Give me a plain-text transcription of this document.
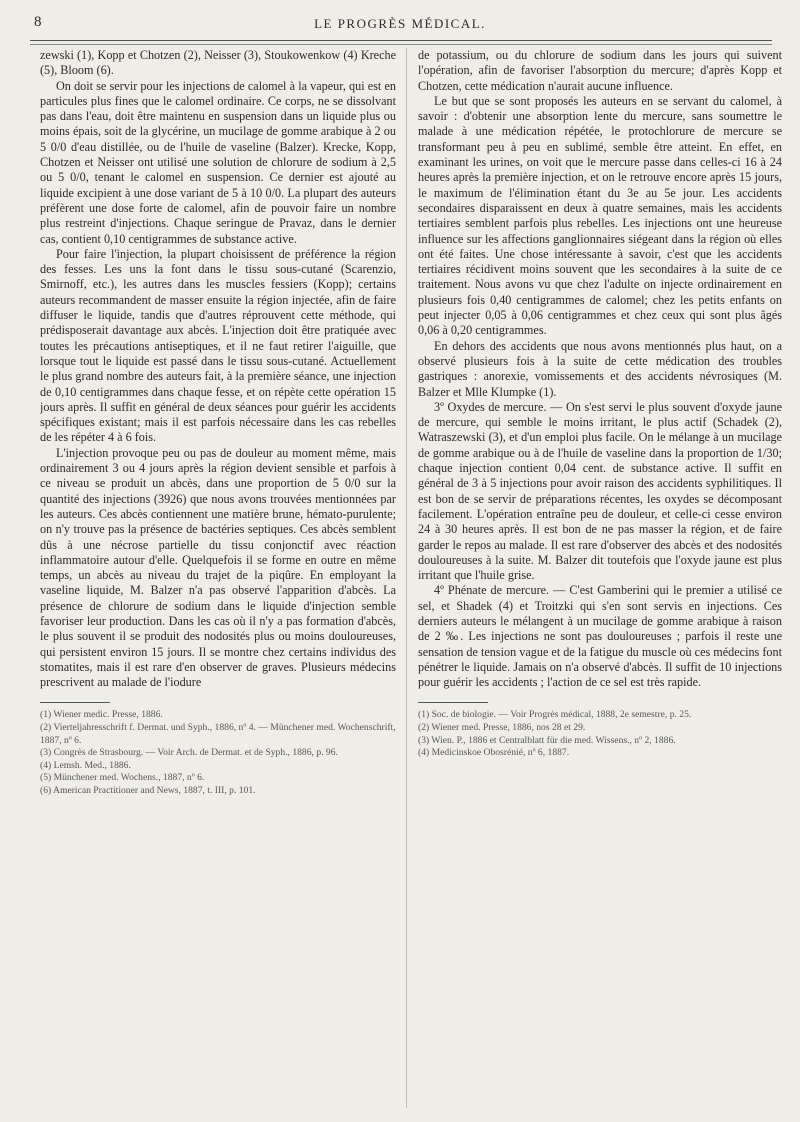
8	LE PROGRÈS MÉDICAL.

zewski (1), Kopp et Chotzen (2), Neisser (3), Stoukowenkow (4) Kreche (5), Bloom (6).

On doit se servir pour les injections de calomel à la vapeur, qui est en particules plus fines que le calomel ordinaire. Ce corps, ne se dissolvant pas dans l'eau, doit être maintenu en suspension dans un liquide plus ou moins épais, soit de la glycérine, un mucilage de gomme arabique à 2 ou 5 0/0 d'eau distillée, ou de l'huile de vaseline (Balzer). Krecke, Kopp, Chotzen et Neisser ont utilisé une solution de chlorure de sodium à 2,5 ou 5 0/0, tenant le calomel en suspension. Ce dernier est ajouté au liquide excipient à une dose variant de 5 à 10 0/0. La plupart des auteurs préfèrent une dose forte de calomel, afin de pouvoir faire un nombre plus restreint d'injections. Chaque seringue de Pravaz, dans le dernier cas, contient 0,10 centigrammes de substance active.

Pour faire l'injection, la plupart choisissent de préférence la région des fesses. Les uns la font dans le tissu sous-cutané (Scarenzio, Smirnoff, etc.), les autres dans les muscles fessiers (Kopp); certains auteurs recommandent de masser ensuite la région injectée, afin de faire diffuser le liquide, tandis que d'autres réprouvent cette méthode, qui prédisposerait davantage aux abcès. L'injection doit être pratiquée avec toutes les précautions antiseptiques, et il ne faut retirer l'aiguille, que lorsque tout le liquide est passé dans le tissu sous-cutané. Actuellement le plus grand nombre des auteurs fait, à la première séance, une injection de 0,10 centigrammes dans chaque fesse, et on répète cette opération 15 jours après. Il suffit en général de deux séances pour guérir les accidents spécifiques existant; mais il est parfois nécessaire dans les cas rebelles de les répéter 4 à 6 fois.

L'injection provoque peu ou pas de douleur au moment même, mais ordinairement 3 ou 4 jours après la région devient sensible et parfois à ce niveau se produit un abcès, dans une proportion de 5 0/0 sur la quantité des injections (3926) que nous avons trouvées mentionnées par les auteurs. Ces abcès contiennent une matière brune, hémato-purulente; on n'y trouve pas la présence de bactéries septiques. Ces abcès semblent dûs à une nécrose partielle du tissu conjonctif avec réaction inflammatoire autour d'elle. Quelquefois il se forme en outre en même temps, un abcès au niveau du trajet de la piqûre. En employant la vaseline liquide, M. Balzer n'a pas observé l'apparition d'abcès. La présence de chlorure de sodium dans le liquide d'injection semble favoriser leur production. Dans les cas où il n'y a pas formation d'abcès, le plus souvent il se produit des nodosités plus ou moins douloureuses, qui persistent environ 15 jours. Il se montre chez certains individus des stomatites, mais il est rare d'en observer de graves. Plusieurs médecins prescrivent au malade de l'iodure

(1) Wiener medic. Presse, 1886.

(2) Vierteljahresschrift f. Dermat. und Syph., 1886, nº 4. — Münchener med. Wochenschrift, 1887, nº 6.

(3) Congrès de Strasbourg. — Voir Arch. de Dermat. et de Syph., 1886, p. 96.

(4) Lemsh. Med., 1886.

(5) Münchener med. Wochens., 1887, nº 6.

(6) American Practitioner and News, 1887, t. III, p. 101.

de potassium, ou du chlorure de sodium dans les jours qui suivent l'opération, afin de favoriser l'absorption du mercure; d'après Kopp et Chotzen, cette médication n'aurait aucune influence.

Le but que se sont proposés les auteurs en se servant du calomel, à savoir : d'obtenir une absorption lente du mercure, sans soumettre le malade à une médication répétée, le protochlorure de mercure se transformant peu à peu en sublimé, semble être atteint. En effet, en examinant les urines, on voit que le mercure passe dans celles-ci 16 à 24 heures après la première injection, et on le retrouve encore après 15 jours, le maximum de l'élimination étant du 3e au 5e jour. Les accidents secondaires disparaissent en deux à quatre semaines, mais les accidents tertiaires semblent parfois plus rebelles. Les injections ont une heureuse influence sur les affections ganglionnaires siégeant dans la région où elles ont été faites. Une chose intéressante à savoir, c'est que les accidents tertiaires récidivent moins souvent que les secondaires à la suite de ce traitement. Nous avons vu que chez l'adulte on injecte ordinairement en plusieurs fois 0,40 centigrammes de calomel; chez les petits enfants on peut injecter 0,05 à 0,06 centigrammes et chez ceux qui sont plus âgés 0,06 à 0,20 centigrammes.

En dehors des accidents que nous avons mentionnés plus haut, on a observé plusieurs fois à la suite de cette médication des troubles gastriques : anorexie, vomissements et des accidents névrosiques (M. Balzer et Mlle Klumpke (1).

3º Oxydes de mercure. — On s'est servi le plus souvent d'oxyde jaune de mercure, qui semble le moins irritant, le plus actif (Schadek (2), Watraszewski (3), et d'un emploi plus facile. On le mélange à un mucilage de gomme arabique ou à de l'huile de vaseline dans la proportion de 1/30; chaque injection contient 0,04 cent. de substance active. Il suffit en général de 3 à 5 injections pour avoir raison des accidents syphilitiques. Il est bon de se servir de préparations récentes, les oxydes se décomposant facilement. L'opération entraîne peu de douleur, et celle-ci cesse environ 24 à 30 heures après. Il est bon de ne pas masser la région, et de faire garder le repos au malade. Il est rare d'observer des abcès et des nodosités douloureuses à la suite. M. Balzer dit toutefois que l'oxyde jaune est plus irritant que l'huile grise.

4º Phénate de mercure. — C'est Gamberini qui le premier a utilisé ce sel, et Shadek (4) et Troitzki qui s'en sont servis en injections. Ces derniers auteurs le mélangent à un mucilage de gomme arabique à raison de 2 ‰. Les injections ne sont pas douloureuses ; parfois il reste une sensation de tension vague et de la fatigue du muscle où ces médecins font pénétrer le liquide. Jamais on n'a observé d'abcès. Il suffit de 10 injections pour guérir les accidents ; l'action de ce sel est très rapide.

(1) Soc. de biologie. — Voir Progrès médical, 1888, 2e semestre, p. 25.

(2) Wiener med. Presse, 1886, nos 28 et 29.

(3) Wien. P., 1886 et Centralblatt für die med. Wissens., nº 2, 1886.

(4) Medicinskoe Obosrénié, nº 6, 1887.
